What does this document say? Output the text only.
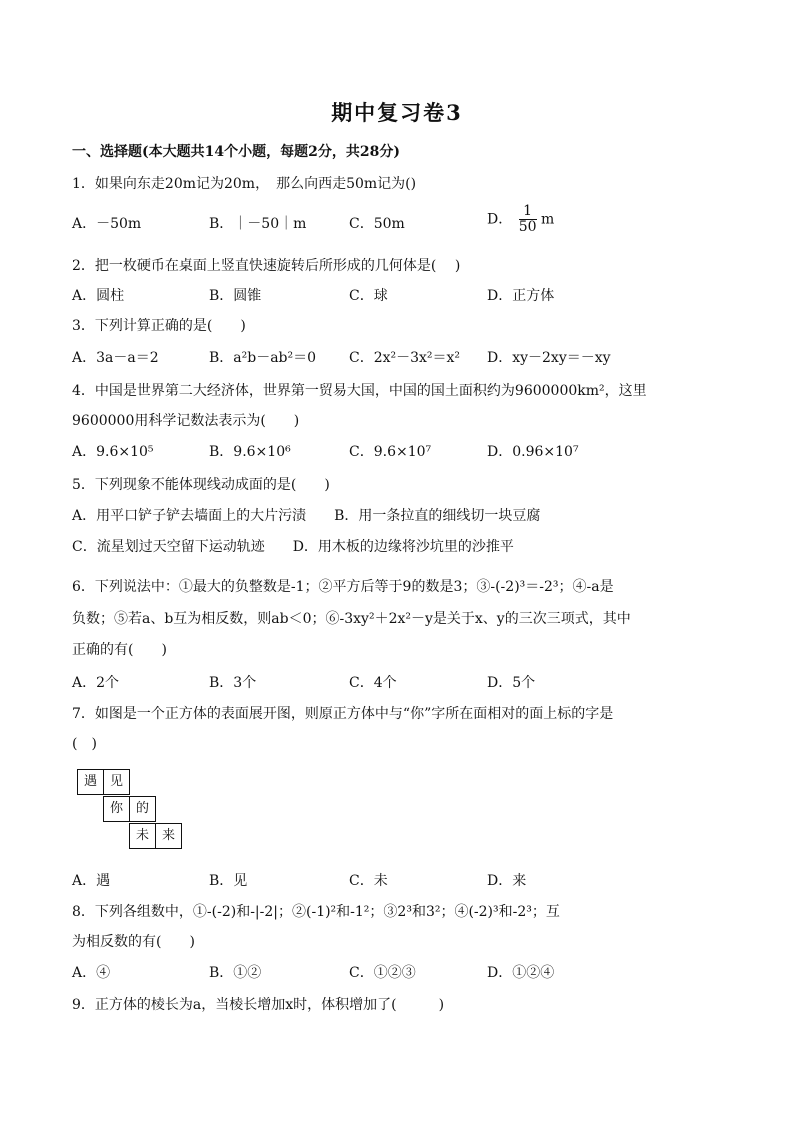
期中复习卷3
一、选择题(本大题共14个小题，每题2分，共28分)
1．如果向东走20m记为20m，　那么向西走50m记为()
A．－50m	B．｜－50｜m	C．50m	D． $\frac{1}{50}$ m
2．把一枚硬币在桌面上竖直快速旋转后所形成的几何体是(　 )
A．圆柱	B．圆锥	C．球	D．正方体
3．下列计算正确的是(　　)
A．3a－a＝2	B．a²b－ab²＝0 C．2x²－3x²＝x² D．xy－2xy＝－xy
4．中国是世界第二大经济体，世界第一贸易大国，中国的国土面积约为9600000km²，这里
9600000用科学记数法表示为(　　)
A．9.6×10⁵	B．9.6×10⁶	C．9.6×10⁷	D．0.96×10⁷
5．下列现象不能体现线动成面的是(　　)
A．用平口铲子铲去墙面上的大片污渍　　B．用一条拉直的细线切一块豆腐
C．流星划过天空留下运动轨迹　　D．用木板的边缘将沙坑里的沙推平
6．下列说法中：①最大的负整数是-1；②平方后等于9的数是3；③-(-2)³＝-2³；④-a是
负数；⑤若a、b互为相反数，则ab＜0；⑥-3xy²＋2x²－y是关于x、y的三次三项式，其中
正确的有(　　)
A．2个	B．3个	C．4个	D．5个
7．如图是一个正方体的表面展开图，则原正方体中与“你”字所在面相对的面上标的字是
(　)
遇 见
你 的
未 来
A．遇	B．见	C．未	D．来
8．下列各组数中，①-(-2)和-|-2|；②(-1)²和-1²；③2³和3²；④(-2)³和-2³；互
为相反数的有(　　)
A．④	B．①②	C．①②③	D．①②④
9．正方体的棱长为a，当棱长增加x时，体积增加了(　　　)
